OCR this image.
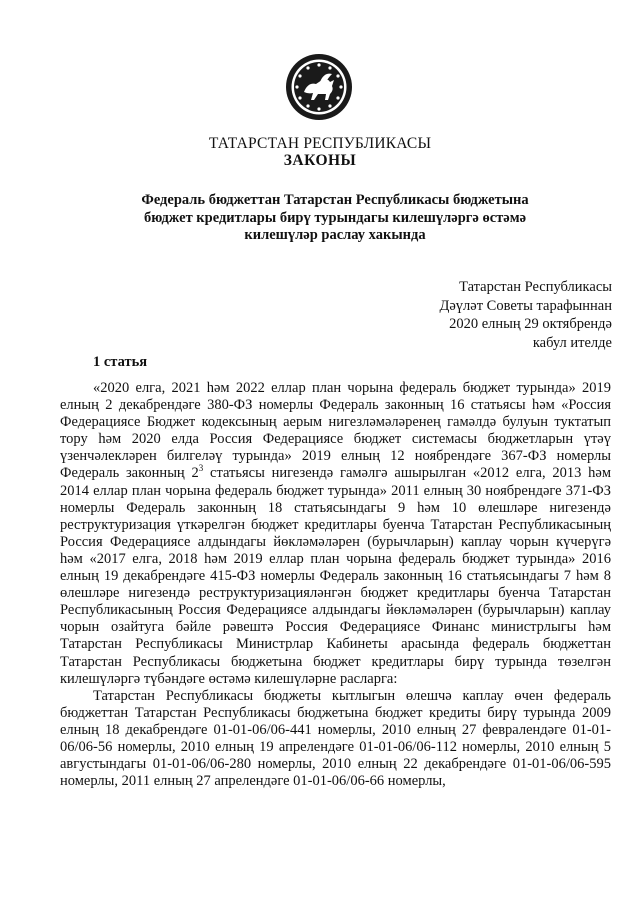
ТАТАРСТАН РЕСПУБЛИКАСЫ
ЗАКОНЫ
Федераль бюджеттан Татарстан Республикасы бюджетына
бюджет кредитлары бирү турындагы килешүләргә өстәмә
килешүләр раслау хакында
Татарстан Республикасы
Дәүләт Советы тарафыннан
2020 елның 29 октябрендә
кабул ителде
1 статья

«2020 елга, 2021 һәм 2022 еллар план чорына федераль бюджет турында» 2019 елның 2 декабрендәге 380-ФЗ номерлы Федераль законның 16 статьясы һәм «Россия Федерациясе Бюджет кодексының аерым нигезләмәләренең гамәлдә булуын туктатып тору һәм 2020 елда Россия Федерациясе бюджет системасы бюджетларын үтәү үзенчәлекләрен билгеләү турында» 2019 елның 12 ноябрендәге 367-ФЗ номерлы Федераль законның $2^3$ статьясы нигезендә гамәлгә ашырылган «2012 елга, 2013 һәм 2014 еллар план чорына федераль бюджет турында» 2011 елның 30 ноябрендәге 371-ФЗ номерлы Федераль законның 18 статьясындагы 9 һәм 10 өлешләре нигезендә реструктуризация үткәрелгән бюджет кредитлары буенча Татарстан Республикасының Россия Федерациясе алдындагы йөкләмәләрен (бурычларын) каплау чорын күчерүгә һәм «2017 елга, 2018 һәм 2019 еллар план чорына федераль бюджет турында» 2016 елның 19 декабрендәге 415-ФЗ номерлы Федераль законның 16 статьясындагы 7 һәм 8 өлешләре нигезендә реструктуризацияләнгән бюджет кредитлары буенча Татарстан Республикасының Россия Федерациясе алдындагы йөкләмәләрен (бурычларын) каплау чорын озайтуга бәйле рәвештә Россия Федерациясе Финанс министрлыгы һәм Татарстан Республикасы Министрлар Кабинеты арасында федераль бюджеттан Татарстан Республикасы бюджетына бюджет кредитлары бирү турында төзелгән килешүләргә түбәндәге өстәмә килешүләрне расларга:

Татарстан Республикасы бюджеты кытлыгын өлешчә каплау өчен федераль бюджеттан Татарстан Республикасы бюджетына бюджет кредиты бирү турында 2009 елның 18 декабрендәге 01-01-06/06-441 номерлы, 2010 елның 27 февралендәге 01-01-06/06-56 номерлы, 2010 елның 19 апрелендәге 01-01-06/06-112 номерлы, 2010 елның 5 августындагы 01-01-06/06-280 номерлы, 2010 елның 22 декабрендәге 01-01-06/06-595 номерлы, 2011 елның 27 апрелендәге 01-01-06/06-66 номерлы,
